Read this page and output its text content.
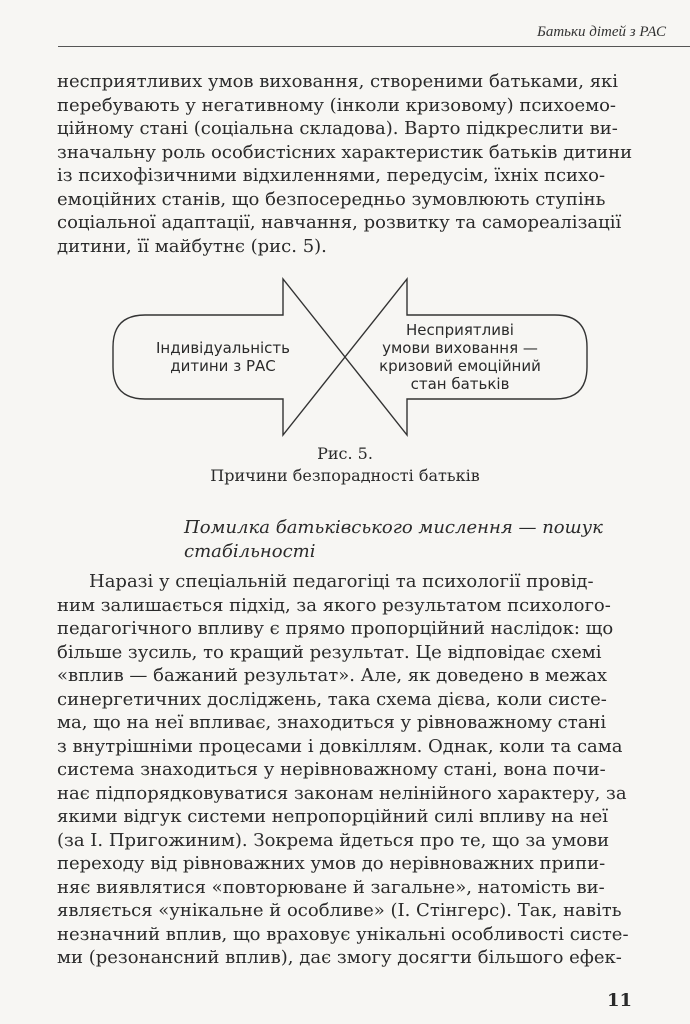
Батьки дітей з РАС
несприятливих умов виховання, створеними батьками, які
перебувають у негативному (інколи кризовому) психоемо-
ційному стані (соціальна складова). Варто підкреслити ви-
значальну роль особистісних характеристик батьків дитини
із психофізичними відхиленнями, передусім, їхніх психо-
емоційних станів, що безпосередньо зумовлюють ступінь
соціальної адаптації, навчання, розвитку та самореалізації
дитини, її майбутнє (рис. 5).
Індивідуальність
дитини з РАС
Несприятливі
умови виховання —
кризовий емоційний
стан батьків
Рис. 5.
Причини безпорадності батьків
Помилка батьківського мислення — пошук
стабільності
Наразі у спеціальній педагогіці та психології провід-
ним залишається підхід, за якого результатом психолого-
педагогічного впливу є прямо пропорційний наслідок: що
більше зусиль, то кращий результат. Це відповідає схемі
«вплив — бажаний результат». Але, як доведено в межах
синергетичних досліджень, така схема дієва, коли систе-
ма, що на неї впливає, знаходиться у рівноважному стані
з внутрішніми процесами і довкіллям. Однак, коли та сама
система знаходиться у нерівноважному стані, вона почи-
нає підпорядковуватися законам нелінійного характеру, за
якими відгук системи непропорційний силі впливу на неї
(за І. Пригожиним). Зокрема йдеться про те, що за умови
переходу від рівноважних умов до нерівноважних припи-
няє виявлятися «повторюване й загальне», натомість ви-
являється «унікальне й особливе» (І. Стінгерс). Так, навіть
незначний вплив, що враховує унікальні особливості систе-
ми (резонансний вплив), дає змогу досягти більшого ефек-
11
